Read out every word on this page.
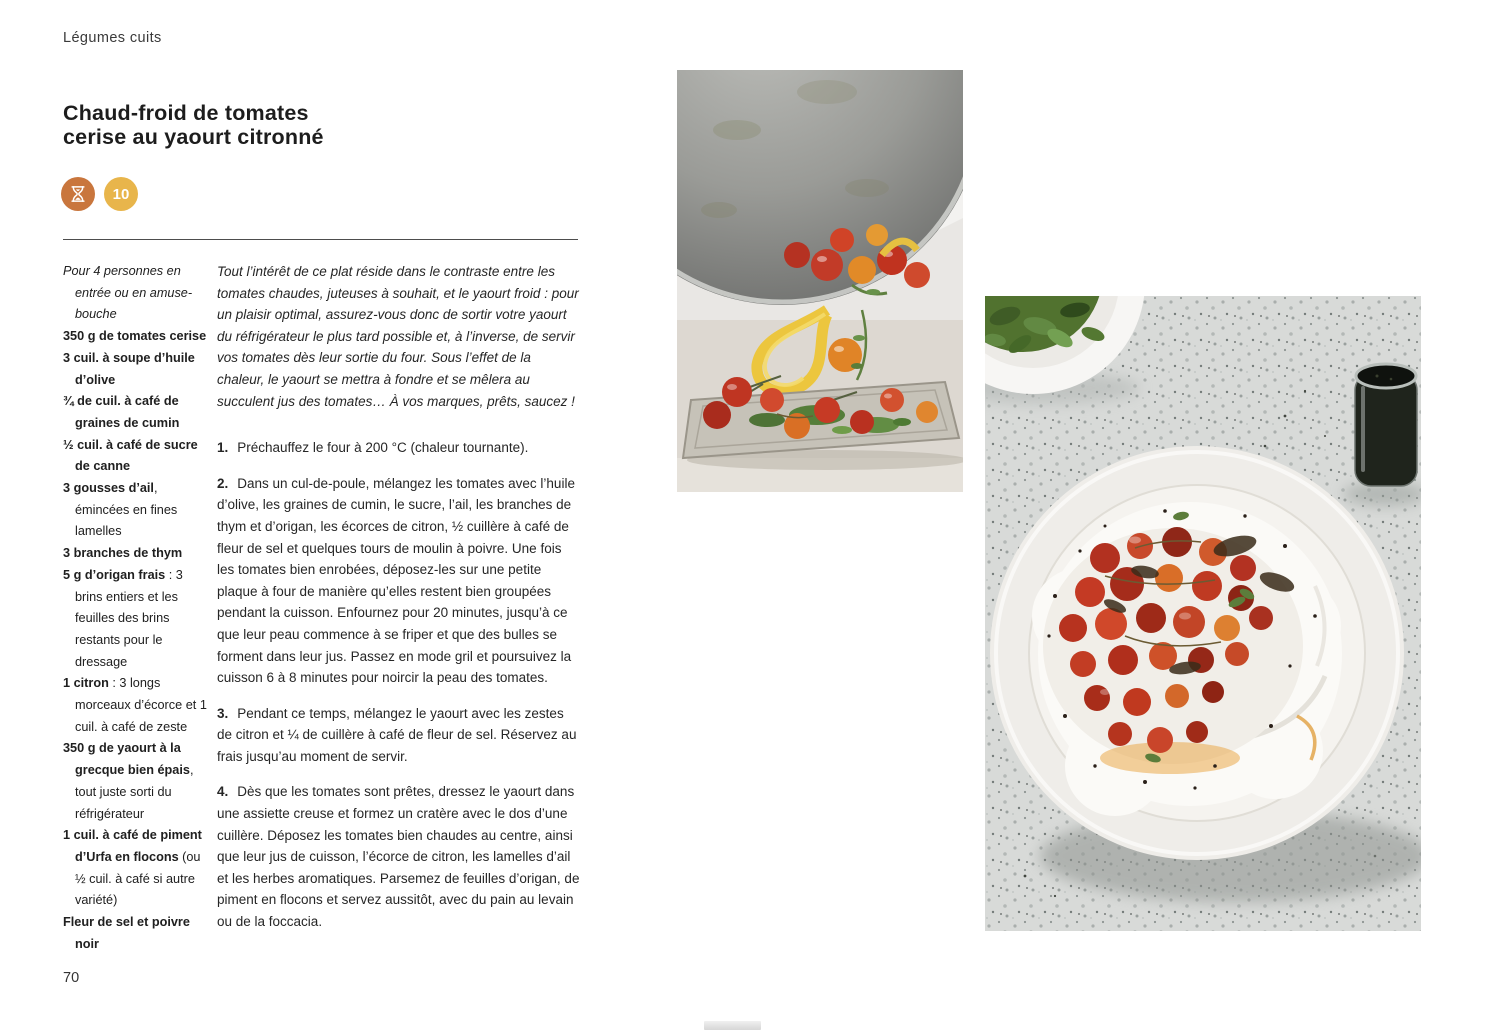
Légumes cuits
Chaud-froid de tomates
cerise au yaourt citronné
10
Pour 4 personnes en entrée ou en amuse-bouche
350 g de tomates cerise
3 cuil. à soupe d’huile d’olive
¾ de cuil. à café de graines de cumin
½ cuil. à café de sucre de canne
3 gousses d’ail, émincées en fines lamelles
3 branches de thym
5 g d’origan frais : 3 brins entiers et les feuilles des brins restants pour le dressage
1 citron : 3 longs morceaux d’écorce et 1 cuil. à café de zeste
350 g de yaourt à la grecque bien épais, tout juste sorti du réfrigérateur
1 cuil. à café de piment d’Urfa en flocons (ou ½ cuil. à café si autre variété)
Fleur de sel et poivre noir

Tout l’intérêt de ce plat réside dans le contraste entre les tomates chaudes, juteuses à souhait, et le yaourt froid : pour un plaisir optimal, assurez-vous donc de sortir votre yaourt du réfrigérateur le plus tard possible et, à l’inverse, de servir vos tomates dès leur sortie du four. Sous l’effet de la chaleur, le yaourt se mettra à fondre et se mêlera au succulent jus des tomates… À vos marques, prêts, saucez !

1. Préchauffez le four à 200 °C (chaleur tournante).

2. Dans un cul-de-poule, mélangez les tomates avec l’huile d’olive, les graines de cumin, le sucre, l’ail, les branches de thym et d’origan, les écorces de citron, ½ cuillère à café de fleur de sel et quelques tours de moulin à poivre. Une fois les tomates bien enrobées, déposez-les sur une petite plaque à four de manière qu’elles restent bien groupées pendant la cuisson. Enfournez pour 20 minutes, jusqu’à ce que leur peau commence à se friper et que des bulles se forment dans leur jus. Passez en mode gril et poursuivez la cuisson 6 à 8 minutes pour noircir la peau des tomates.

3. Pendant ce temps, mélangez le yaourt avec les zestes de citron et ¼ de cuillère à café de fleur de sel. Réservez au frais jusqu’au moment de servir.

4. Dès que les tomates sont prêtes, dressez le yaourt dans une assiette creuse et formez un cratère avec le dos d’une cuillère. Déposez les tomates bien chaudes au centre, ainsi que leur jus de cuisson, l’écorce de citron, les lamelles d’ail et les herbes aromatiques. Parsemez de feuilles d’origan, de piment en flocons et servez aussitôt, avec du pain au levain ou de la foccacia.

70
